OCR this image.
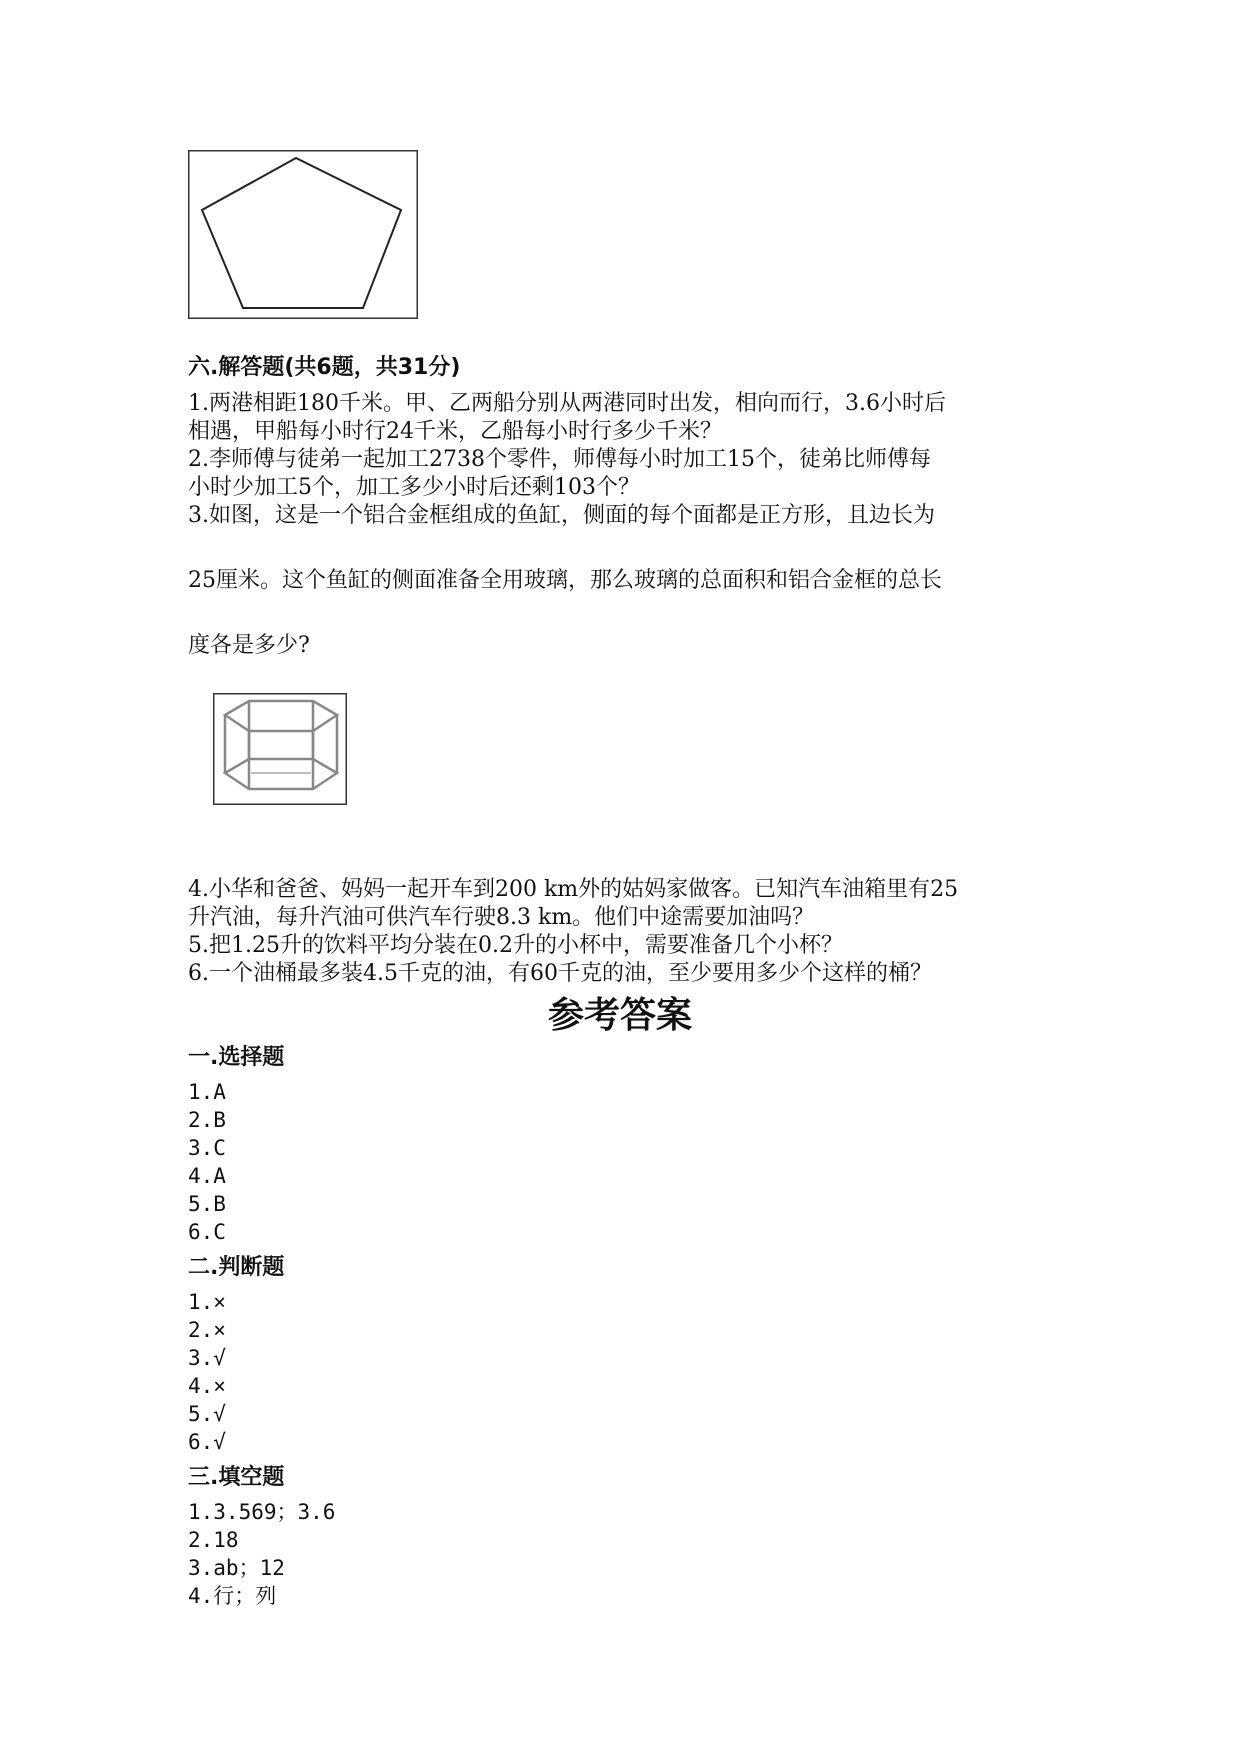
六.解答题(共6题，共31分)
1.两港相距180千米。甲、乙两船分别从两港同时出发，相向而行，3.6小时后
相遇，甲船每小时行24千米，乙船每小时行多少千米？
2.李师傅与徒弟一起加工2738个零件，师傅每小时加工15个，徒弟比师傅每
小时少加工5个，加工多少小时后还剩103个？
3.如图，这是一个铝合金框组成的鱼缸，侧面的每个面都是正方形，且边长为
25厘米。这个鱼缸的侧面准备全用玻璃，那么玻璃的总面积和铝合金框的总长
度各是多少?
4.小华和爸爸、妈妈一起开车到200 km外的姑妈家做客。已知汽车油箱里有25
升汽油，每升汽油可供汽车行驶8.3 km。他们中途需要加油吗？
5.把1.25升的饮料平均分装在0.2升的小杯中，需要准备几个小杯？
6.一个油桶最多装4.5千克的油，有60千克的油，至少要用多少个这样的桶？
参考答案
一.选择题
1.A
2.B
3.C
4.A
5.B
6.C
二.判断题
1.×
2.×
3.√
4.×
5.√
6.√
三.填空题
1.3.569；3.6
2.18
3.ab；12
4.行；列
